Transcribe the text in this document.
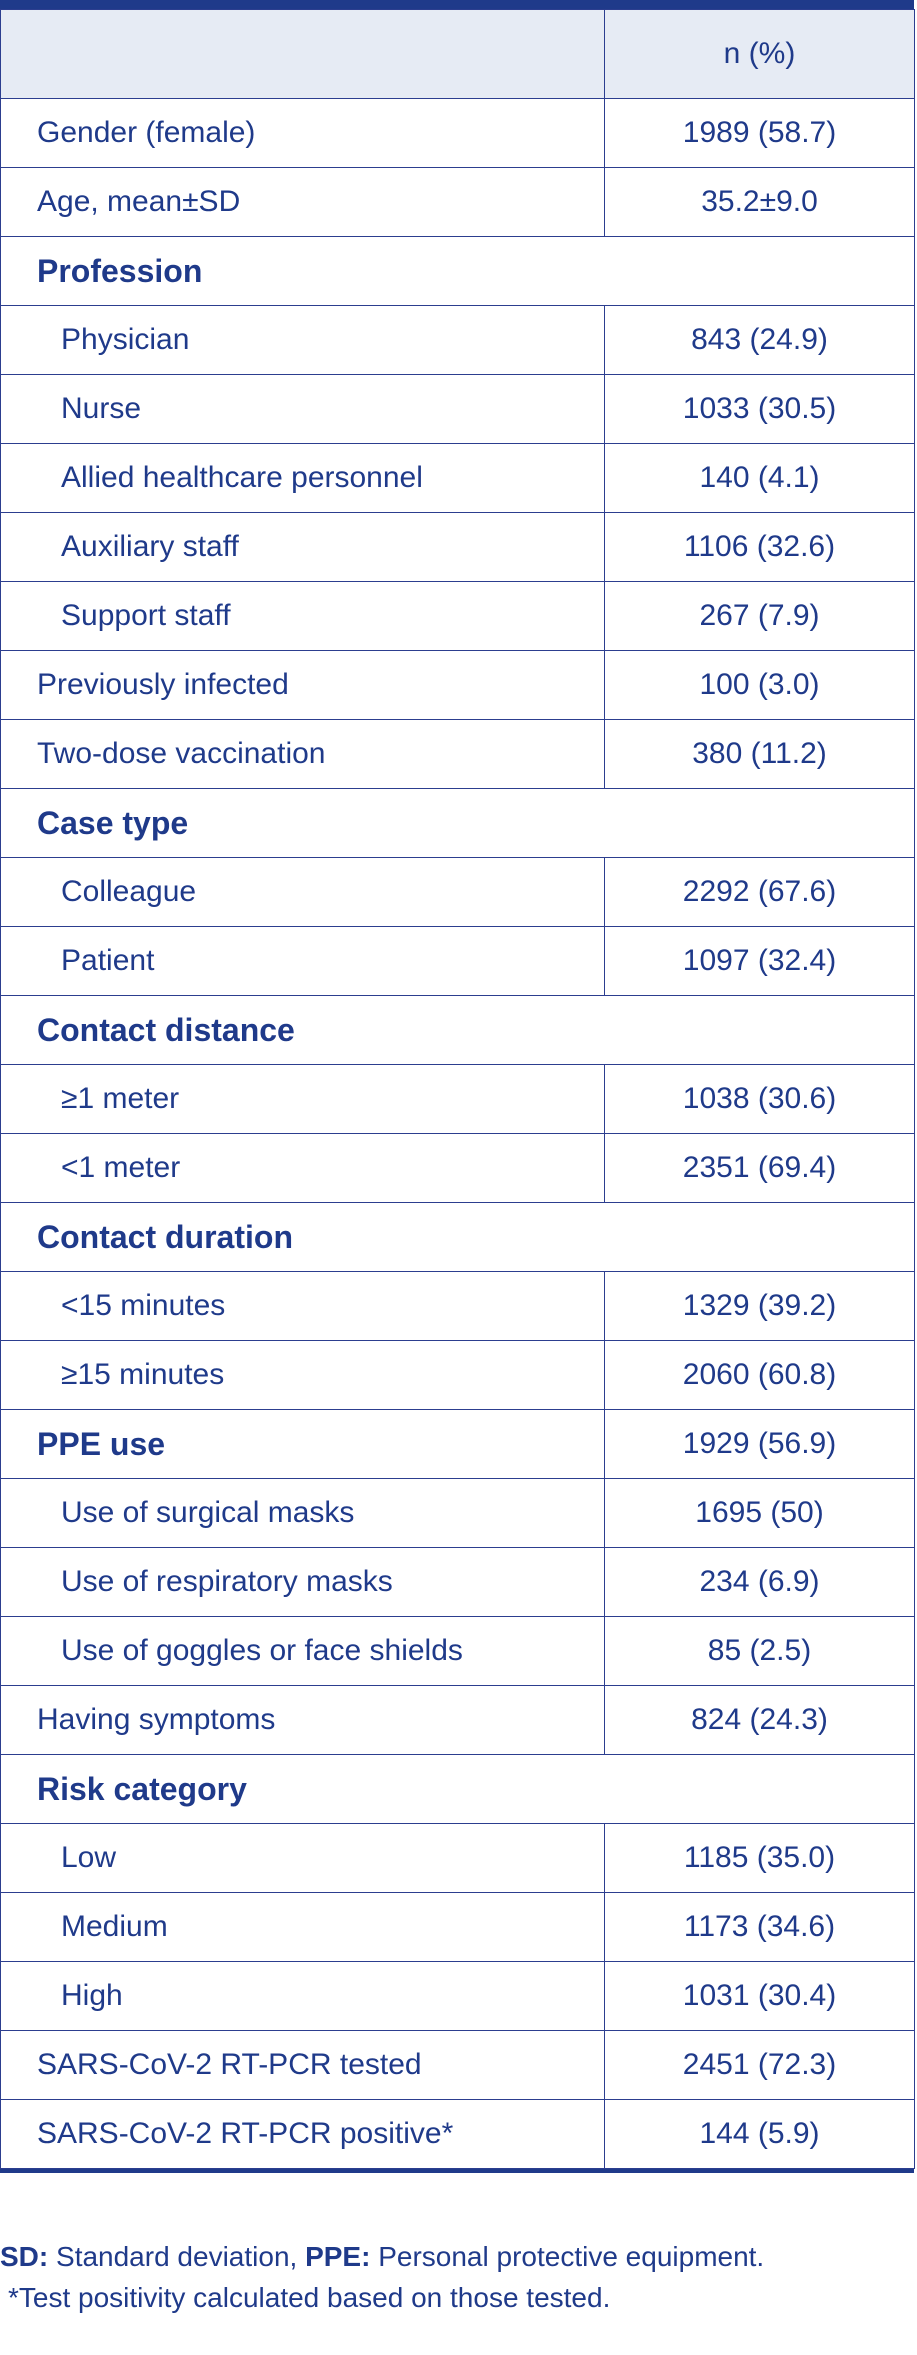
	n (%)
Gender (female)	1989 (58.7)
Age, mean±SD	35.2±9.0
Profession	
Physician	843 (24.9)
Nurse	1033 (30.5)
Allied healthcare personnel	140 (4.1)
Auxiliary staff	1106 (32.6)
Support staff	267 (7.9)
Previously infected	100 (3.0)
Two-dose vaccination	380 (11.2)
Case type	
Colleague	2292 (67.6)
Patient	1097 (32.4)
Contact distance	
≥1 meter	1038 (30.6)
<1 meter	2351 (69.4)
Contact duration	
<15 minutes	1329 (39.2)
≥15 minutes	2060 (60.8)
PPE use	1929 (56.9)
Use of surgical masks	1695 (50)
Use of respiratory masks	234 (6.9)
Use of goggles or face shields	85 (2.5)
Having symptoms	824 (24.3)
Risk category	
Low	1185 (35.0)
Medium	1173 (34.6)
High	1031 (30.4)
SARS-CoV-2 RT-PCR tested	2451 (72.3)
SARS-CoV-2 RT-PCR positive*	144 (5.9)
SD: Standard deviation, PPE: Personal protective equipment.
*Test positivity calculated based on those tested.
